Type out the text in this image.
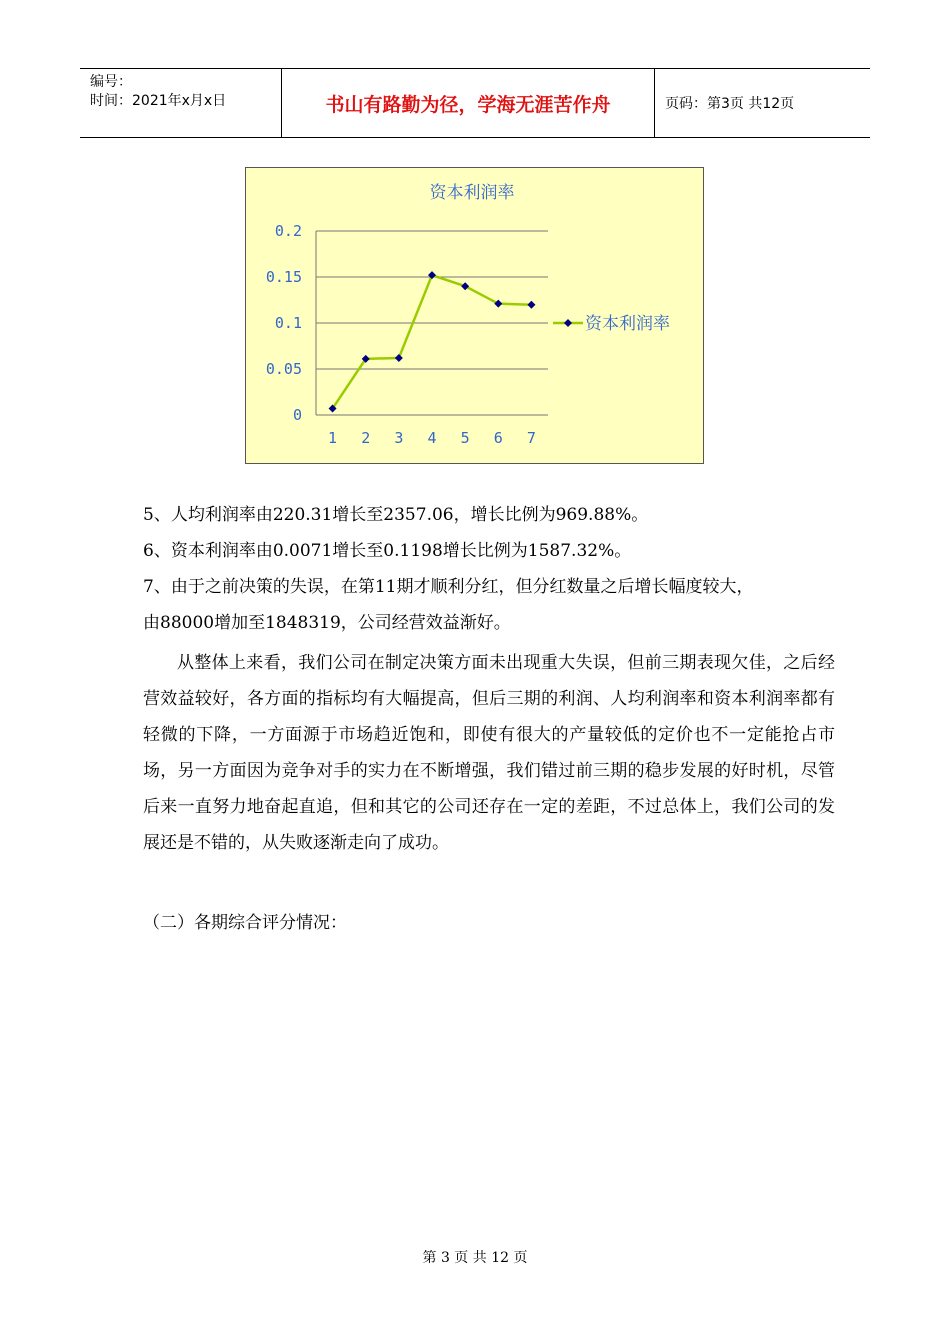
编号：
时间：2021年x月x日	书山有路勤为径，学海无涯苦作舟	页码：第3页 共12页
资本利润率
0
0.05
0.1
0.15
0.2
1 2 3 4 5 6 7
资本利润率

5、人均利润率由220.31增长至2357.06，增长比例为969.88%。

6、资本利润率由0.0071增长至0.1198增长比例为1587.32%。

7、由于之前决策的失误，在第11期才顺利分红，但分红数量之后增长幅度较大，

由88000增加至1848319，公司经营效益渐好。

从整体上来看，我们公司在制定决策方面未出现重大失误，但前三期表现欠佳，之后经营效益较好，各方面的指标均有大幅提高，但后三期的利润、人均利润率和资本利润率都有轻微的下降，一方面源于市场趋近饱和，即使有很大的产量较低的定价也不一定能抢占市场，另一方面因为竞争对手的实力在不断增强，我们错过前三期的稳步发展的好时机，尽管后来一直努力地奋起直追，但和其它的公司还存在一定的差距，不过总体上，我们公司的发展还是不错的，从失败逐渐走向了成功。

（二）各期综合评分情况：

第 3 页 共 12 页
